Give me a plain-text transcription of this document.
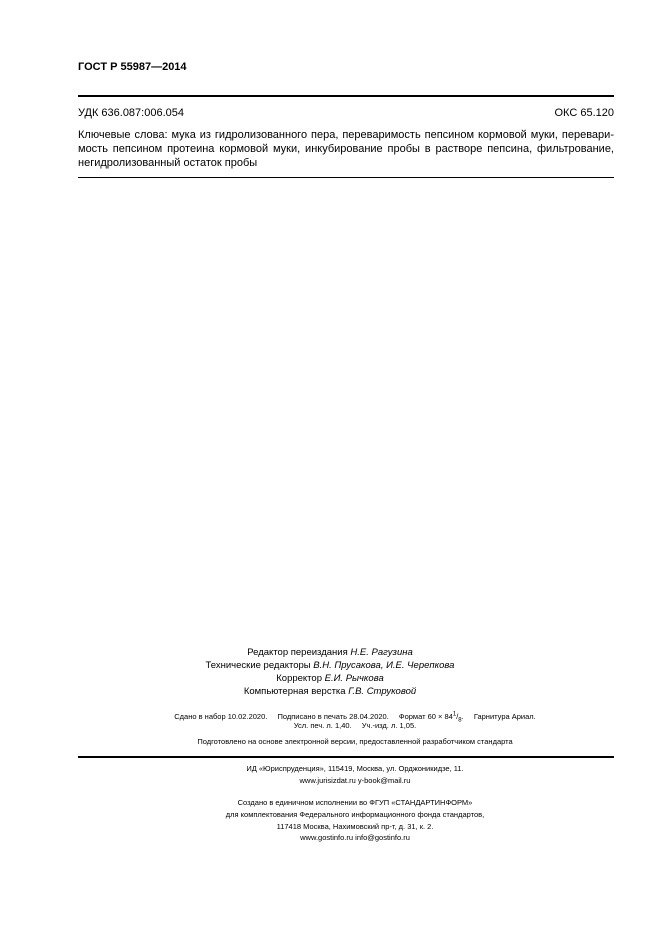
ГОСТ Р 55987—2014
УДК 636.087:006.054	ОКС 65.120
Ключевые слова: мука из гидролизованного пера, переваримость пепсином кормовой муки, переваримость пепсином протеина кормовой муки, инкубирование пробы в растворе пепсина, фильтрование, негидролизованный остаток пробы
Редактор переиздания Н.Е. Рагузина
Технические редакторы В.Н. Прусакова, И.Е. Черепкова
Корректор Е.И. Рычкова
Компьютерная верстка Г.В. Струковой
Сдано в набор 10.02.2020. Подписано в печать 28.04.2020. Формат $60 \times 84^1/_8$. Гарнитура Ариал.
Усл. печ. л. 1,40. Уч.-изд. л. 1,05.
Подготовлено на основе электронной версии, предоставленной разработчиком стандарта
ИД «Юриспруденция», 115419, Москва, ул. Орджоникидзе, 11.
www.jurisizdat.ru y-book@mail.ru
Создано в единичном исполнении во ФГУП «СТАНДАРТИНФОРМ»
для комплектования Федерального информационного фонда стандартов,
117418 Москва, Нахимовский пр-т, д. 31, к. 2.
www.gostinfo.ru info@gostinfo.ru
